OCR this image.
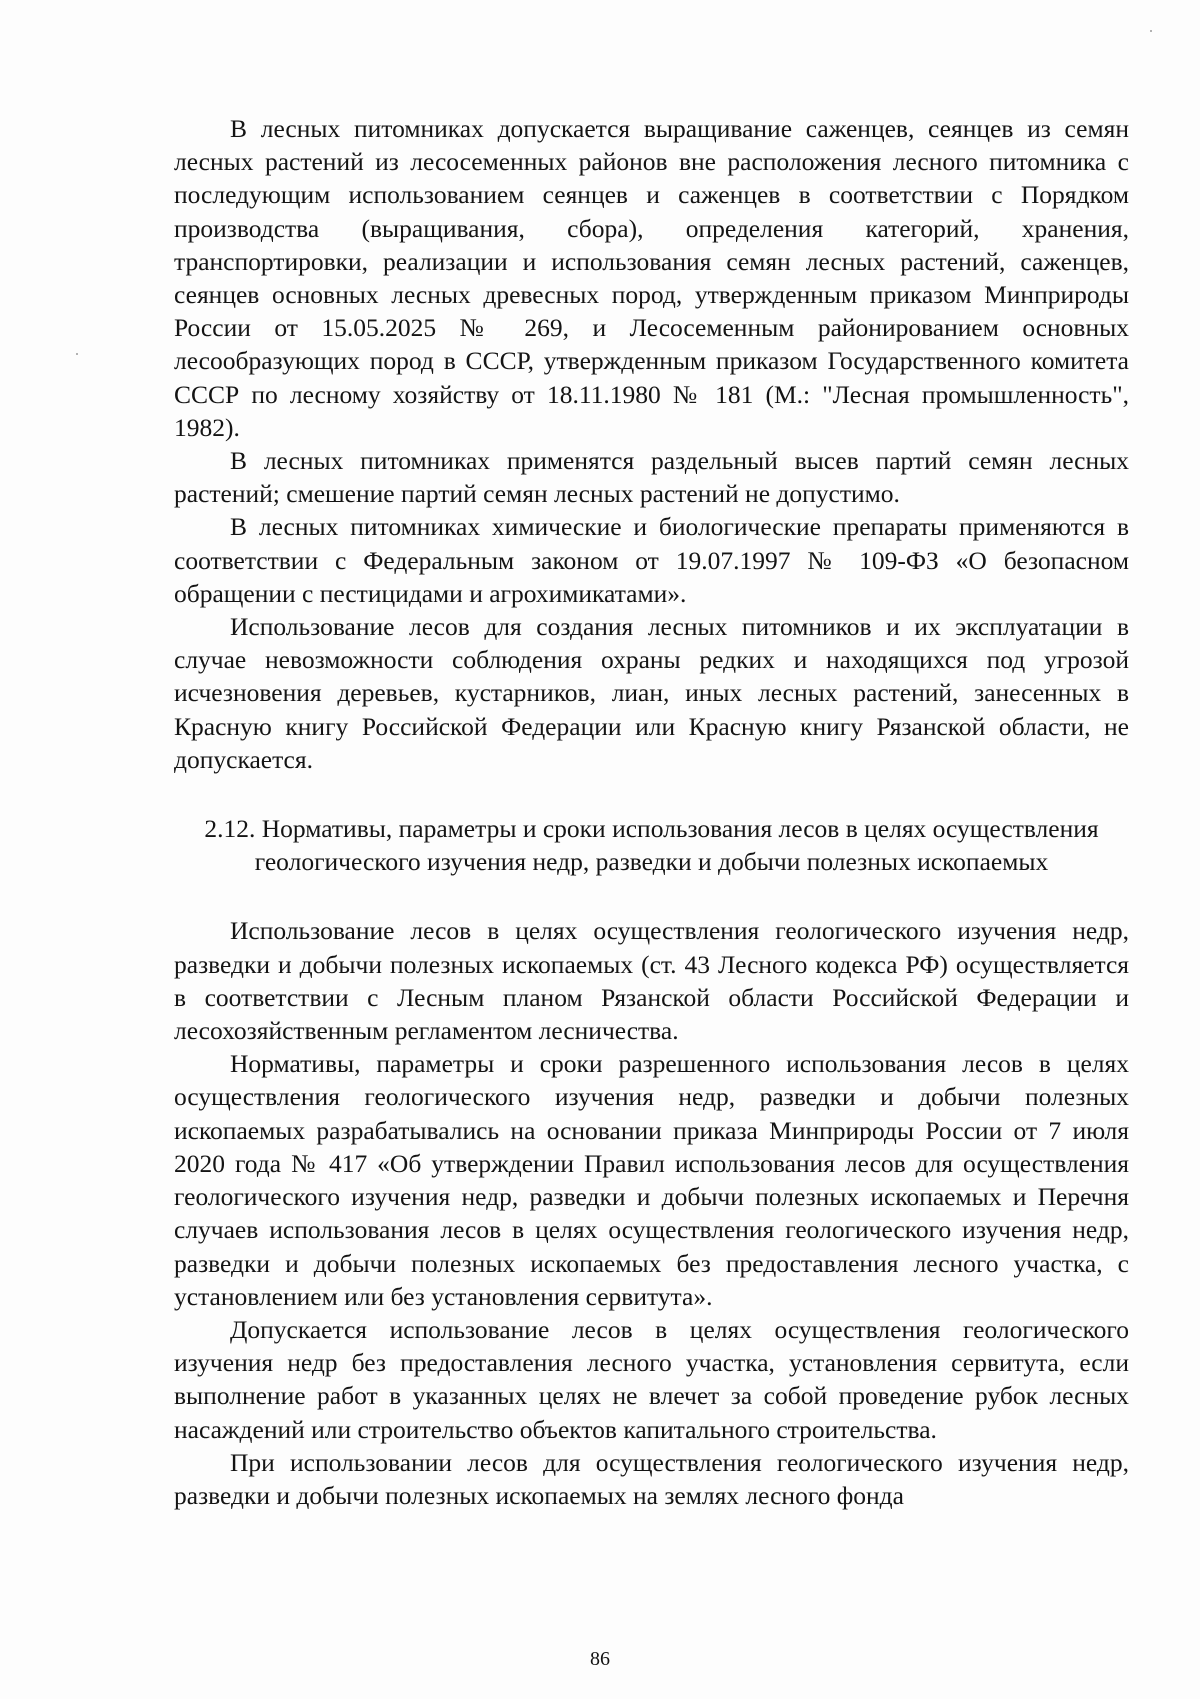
В лесных питомниках допускается выращивание саженцев, сеянцев из семян лесных растений из лесосеменных районов вне расположения лесного питомника с последующим использованием сеянцев и саженцев в соответствии с Порядком производства (выращивания, сбора), определения категорий, хранения, транспортировки, реализации и использования семян лесных растений, саженцев, сеянцев основных лесных древесных пород, утвержденным приказом Минприроды России от 15.05.2025 № 269, и Лесосеменным районированием основных лесообразующих пород в СССР, утвержденным приказом Государственного комитета СССР по лесному хозяйству от 18.11.1980 № 181 (М.: "Лесная промышленность", 1982).

В лесных питомниках применятся раздельный высев партий семян лесных растений; смешение партий семян лесных растений не допустимо.

В лесных питомниках химические и биологические препараты применяются в соответствии с Федеральным законом от 19.07.1997 № 109-ФЗ «О безопасном обращении с пестицидами и агрохимикатами».

Использование лесов для создания лесных питомников и их эксплуатации в случае невозможности соблюдения охраны редких и находящихся под угрозой исчезновения деревьев, кустарников, лиан, иных лесных растений, занесенных в Красную книгу Российской Федерации или Красную книгу Рязанской области, не допускается.

2.12. Нормативы, параметры и сроки использования лесов в целях осуществления геологического изучения недр, разведки и добычи полезных ископаемых

Использование лесов в целях осуществления геологического изучения недр, разведки и добычи полезных ископаемых (ст. 43 Лесного кодекса РФ) осуществляется в соответствии с Лесным планом Рязанской области Российской Федерации и лесохозяйственным регламентом лесничества.

Нормативы, параметры и сроки разрешенного использования лесов в целях осуществления геологического изучения недр, разведки и добычи полезных ископаемых разрабатывались на основании приказа Минприроды России от 7 июля 2020 года № 417 «Об утверждении Правил использования лесов для осуществления геологического изучения недр, разведки и добычи полезных ископаемых и Перечня случаев использования лесов в целях осуществления геологического изучения недр, разведки и добычи полезных ископаемых без предоставления лесного участка, с установлением или без установления сервитута».

Допускается использование лесов в целях осуществления геологического изучения недр без предоставления лесного участка, установления сервитута, если выполнение работ в указанных целях не влечет за собой проведение рубок лесных насаждений или строительство объектов капитального строительства.

При использовании лесов для осуществления геологического изучения недр, разведки и добычи полезных ископаемых на землях лесного фонда

86
